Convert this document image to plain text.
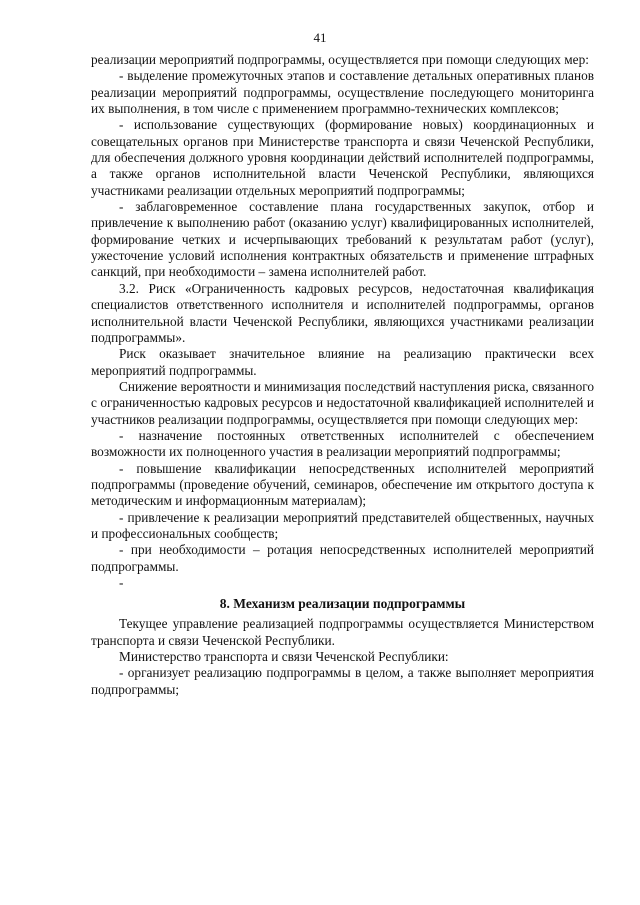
41

реализации мероприятий подпрограммы, осуществляется при помощи следующих мер:

- выделение промежуточных этапов и составление детальных оперативных планов реализации мероприятий подпрограммы, осуществление последующего мониторинга их выполнения, в том числе с применением программно-технических комплексов;

- использование существующих (формирование новых) координационных и совещательных органов при Министерстве транспорта и связи Чеченской Республики, для обеспечения должного уровня координации действий исполнителей подпрограммы, а также органов исполнительной власти Чеченской Республики, являющихся участниками реализации отдельных мероприятий подпрограммы;

- заблаговременное составление плана государственных закупок, отбор и привлечение к выполнению работ (оказанию услуг) квалифицированных исполнителей, формирование четких и исчерпывающих требований к результатам работ (услуг), ужесточение условий исполнения контрактных обязательств и применение штрафных санкций, при необходимости – замена исполнителей работ.

3.2. Риск «Ограниченность кадровых ресурсов, недостаточная квалификация специалистов ответственного исполнителя и исполнителей подпрограммы, органов исполнительной власти Чеченской Республики, являющихся участниками реализации подпрограммы».

Риск оказывает значительное влияние на реализацию практически всех мероприятий подпрограммы.

Снижение вероятности и минимизация последствий наступления риска, связанного с ограниченностью кадровых ресурсов и недостаточной квалификацией исполнителей и участников реализации подпрограммы, осуществляется при помощи следующих мер:

- назначение постоянных ответственных исполнителей с обеспечением возможности их полноценного участия в реализации мероприятий подпрограммы;

- повышение квалификации непосредственных исполнителей мероприятий подпрограммы (проведение обучений, семинаров, обеспечение им открытого доступа к методическим и информационным материалам);

- привлечение к реализации мероприятий представителей общественных, научных и профессиональных сообществ;

- при необходимости – ротация непосредственных исполнителей мероприятий подпрограммы.

-

8. Механизм реализации подпрограммы

Текущее управление реализацией подпрограммы осуществляется Министерством транспорта и связи Чеченской Республики.

Министерство транспорта и связи Чеченской Республики:

- организует реализацию подпрограммы в целом, а также выполняет мероприятия подпрограммы;
